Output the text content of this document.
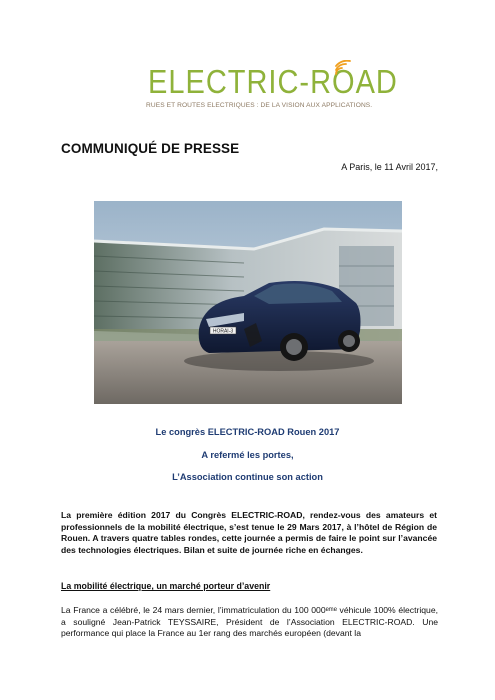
ELECTRIC-ROAD
RUES ET ROUTES ELECTRIQUES : DE LA VISION AUX APPLICATIONS.
COMMUNIQUÉ DE PRESSE
A Paris, le 11 Avril 2017,
HORAI-3
Le congrès ELECTRIC-ROAD Rouen 2017
A refermé les portes,
L’Association continue son action
La première édition 2017 du Congrès ELECTRIC-ROAD, rendez-vous des amateurs et professionnels de la mobilité électrique, s’est tenue le 29 Mars 2017, à l’hôtel de Région de Rouen. A travers quatre tables rondes, cette journée a permis de faire le point sur l’avancée des technologies électriques. Bilan et suite de journée riche en échanges.
La mobilité électrique, un marché porteur d’avenir
La France a célébré, le 24 mars dernier, l’immatriculation du 100 000ᵉᵐᵉ véhicule 100% électrique, a souligné Jean-Patrick TEYSSAIRE, Président de l’Association ELECTRIC-ROAD. Une performance qui place la France au 1er rang des marchés européen (devant la
